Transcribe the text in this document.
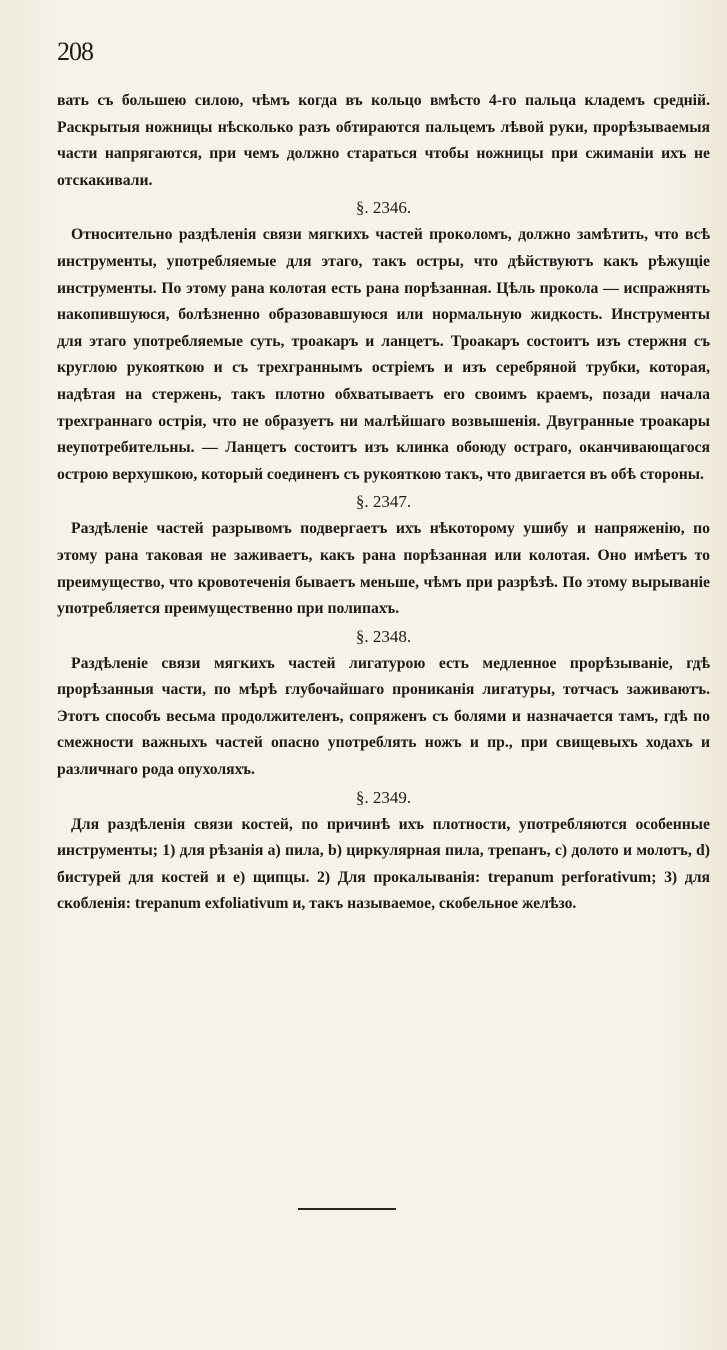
208

вать съ большею силою, чѣмъ когда въ кольцо вмѣсто 4-го пальца кладемъ средній. Раскрытыя ножницы нѣсколько разъ обтираются пальцемъ лѣвой руки, прорѣзываемыя части напрягаются, при чемъ должно стараться чтобы ножницы при сжиманіи ихъ не отскакивали.

§. 2346.

Относительно раздѣленія связи мягкихъ частей прокoломъ, должно замѣтить, что всѣ инструменты, употребляемые для этаго, такъ остры, что дѣйствуютъ какъ рѣжущіе инструменты. По этому рана колотая есть рана порѣзанная. Цѣль прокола — испражнять накопившуюся, болѣзненно образовавшуюся или нормальную жидкость. Инструменты для этаго употребляемые суть, троакаръ и ланцетъ. Троакаръ состоитъ изъ стержня съ круглою рукояткою и съ трехграннымъ остріемъ и изъ серебряной трубки, которая, надѣтая на стержень, такъ плотно обхватываетъ его своимъ краемъ, позади начала трехграннаго острія, что не образуетъ ни малѣйшаго возвышенія. Двугранные троакары неупотребительны. — Ланцетъ состоитъ изъ клинка обоюду остраго, оканчивающагося острою верхушкою, который соединенъ съ рукояткою такъ, что двигается въ обѣ стороны.

§. 2347.

Раздѣленіе частей разрывомъ подвергаетъ ихъ нѣкоторому ушибу и напряженію, по этому рана таковая не заживаетъ, какъ рана порѣзанная или колотая. Оно имѣетъ то преимущество, что кровотеченія бываетъ меньше, чѣмъ при разрѣзѣ. По этому вырываніе употребляется преимущественно при полипахъ.

§. 2348.

Раздѣленіе связи мягкихъ частей лигатурою есть медленное прорѣзываніе, гдѣ прорѣзанныя части, по мѣрѣ глубочайшаго прониканія лигатуры, тотчасъ заживаютъ. Этотъ способъ весьма продолжителенъ, сопряженъ съ болями и назначается тамъ, гдѣ по смежности важныхъ частей опасно употреблять ножъ и пр., при свищевыхъ ходахъ и различнаго рода опухоляхъ.

§. 2349.

Для раздѣленія связи костей, по причинѣ ихъ плотности, употребляются особенные инструменты; 1) для рѣзанія a) пила, b) циркулярная пила, трепанъ, c) долото и молотъ, d) бистурей для костей и e) щипцы. 2) Для прокалыванія: trepanum perforativum; 3) для скобленія: trepanum exfoliativum и, такъ называемое, скобельное желѣзо.
